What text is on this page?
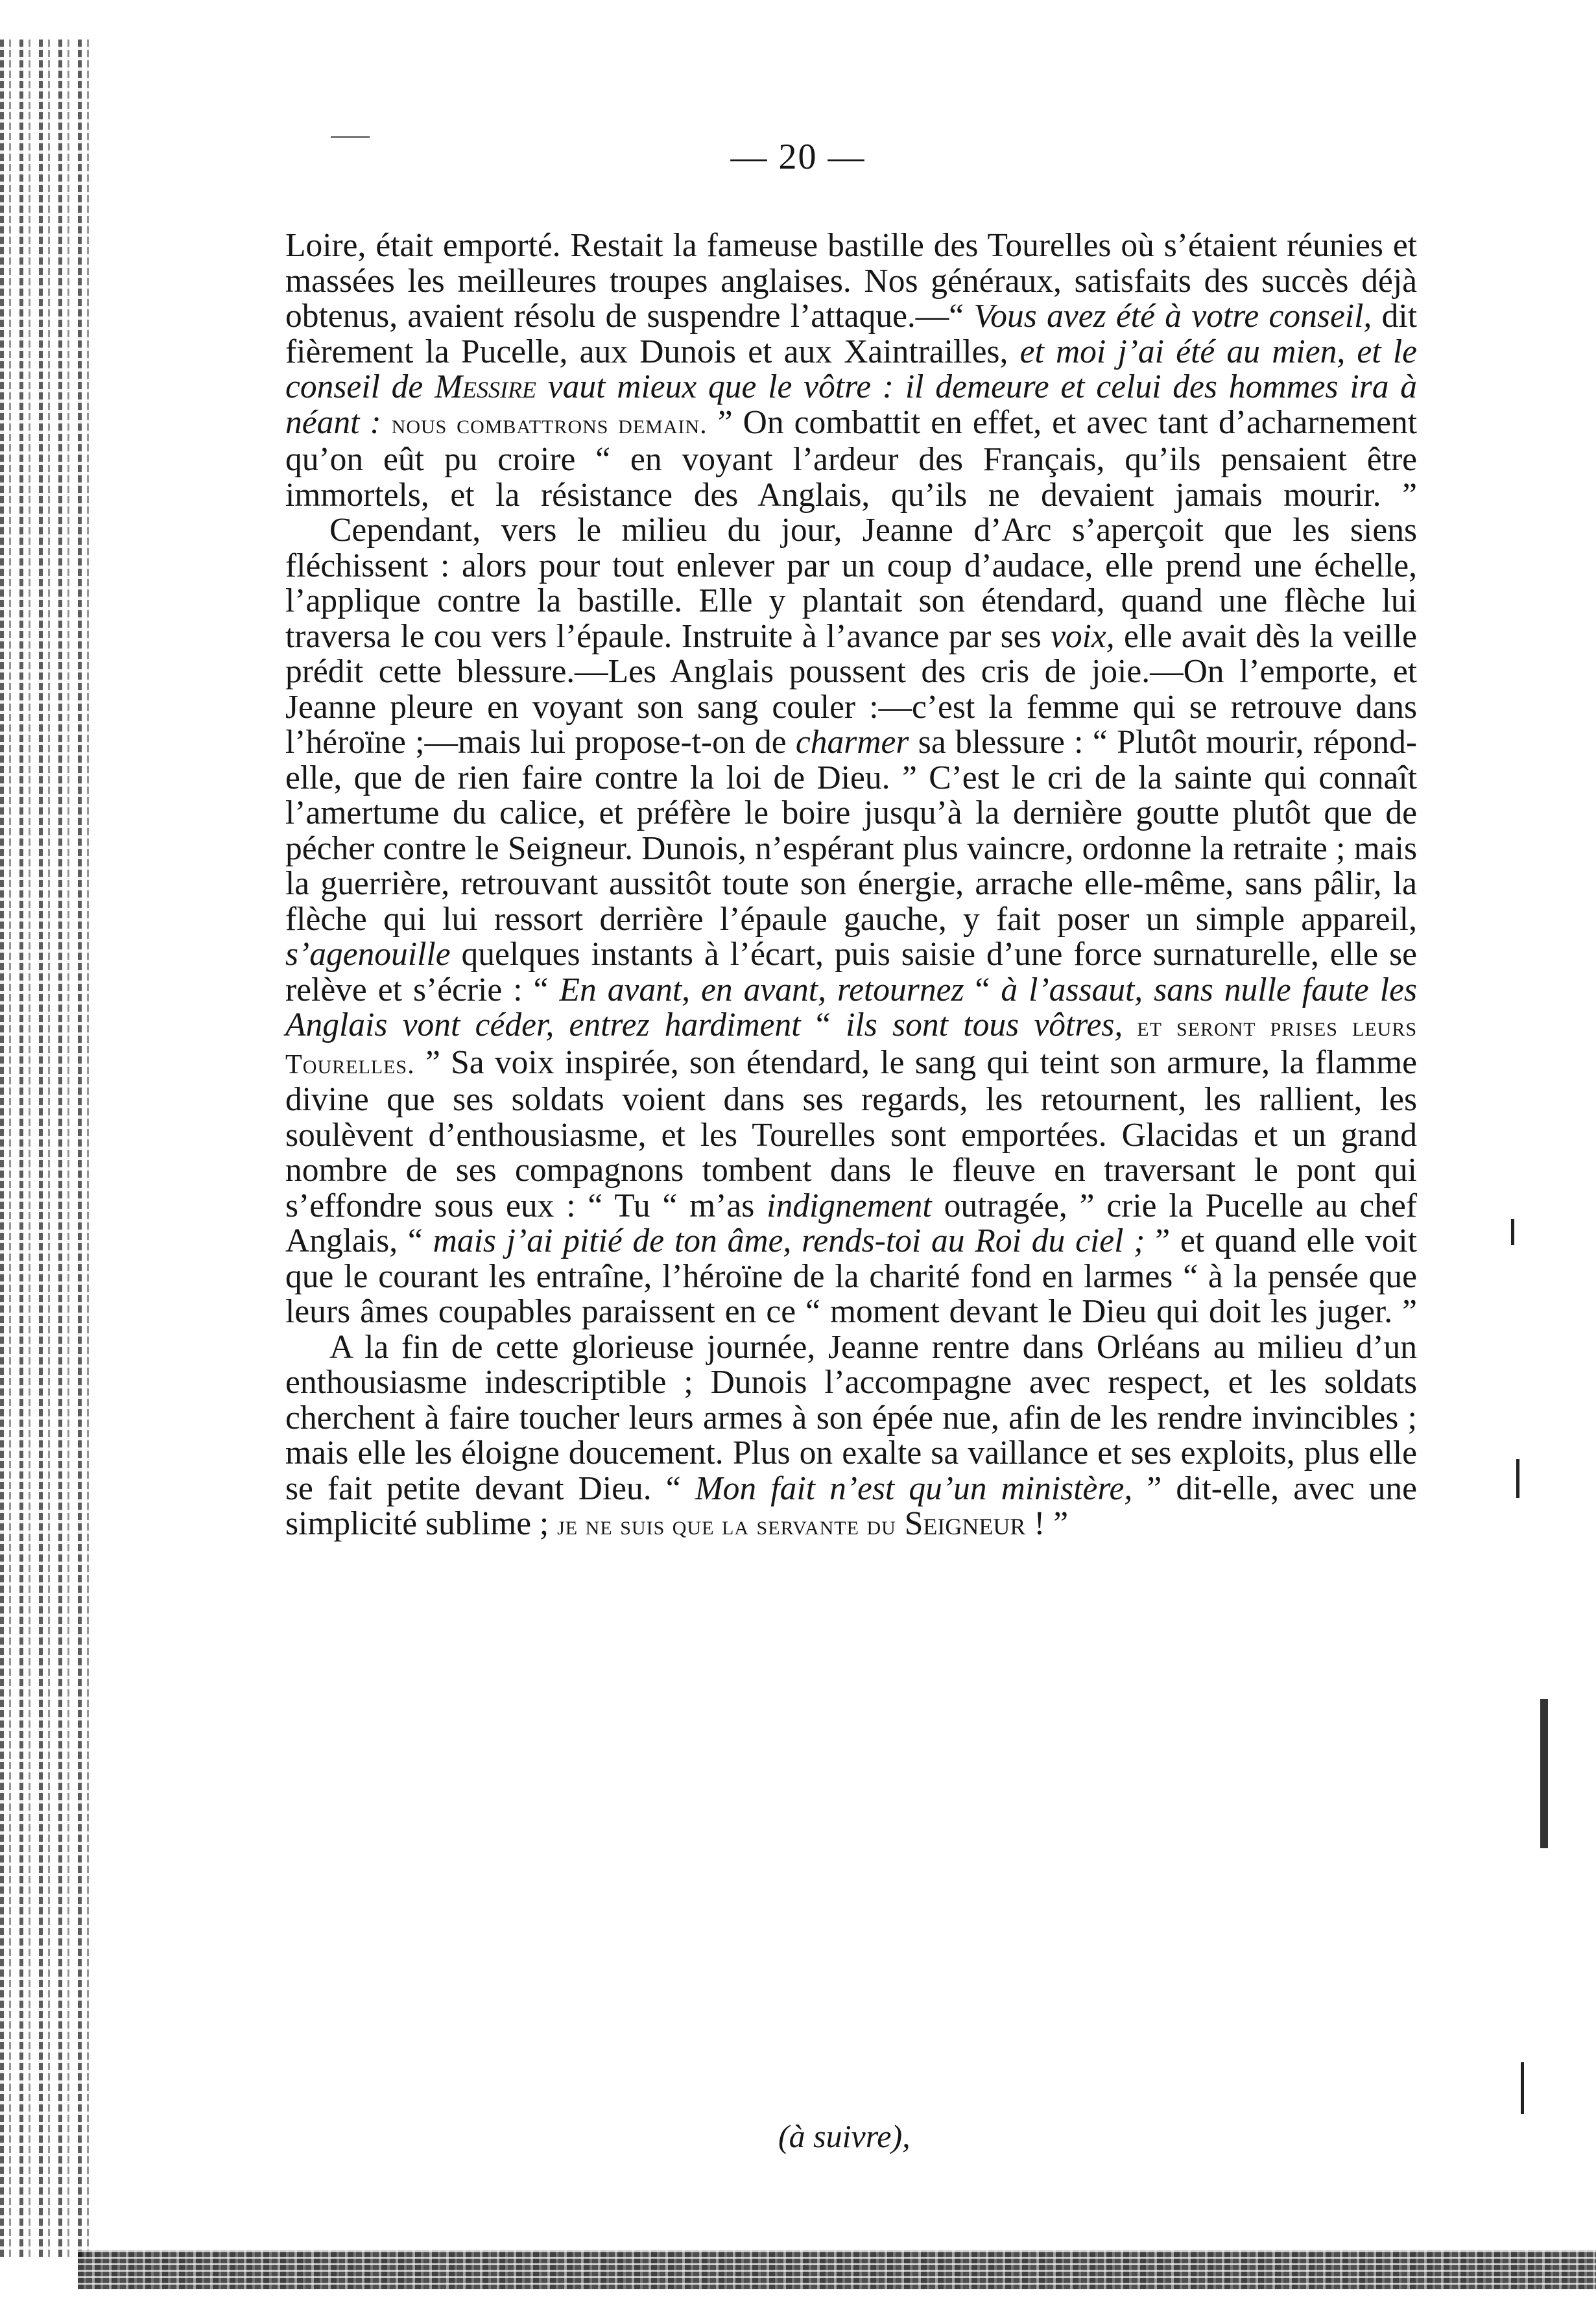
— 20 —

Loire, était emporté. Restait la fameuse bastille des Tourelles où s’étaient réunies et massées les meilleures troupes anglaises. Nos généraux, satisfaits des succès déjà obtenus, avaient résolu de suspendre l’attaque.—“ Vous avez été à votre conseil, dit fièrement la Pucelle, aux Dunois et aux Xaintrailles, et moi j’ai été au mien, et le conseil de Messire vaut mieux que le vôtre : il demeure et celui des hommes ira à néant : nous combattrons demain. ” On combattit en effet, et avec tant d’acharnement qu’on eût pu croire “ en voyant l’ardeur des Français, qu’ils pensaient être immortels, et la résistance des Anglais, qu’ils ne devaient jamais mourir. ”

Cependant, vers le milieu du jour, Jeanne d’Arc s’aperçoit que les siens fléchissent : alors pour tout enlever par un coup d’audace, elle prend une échelle, l’applique contre la bastille. Elle y plantait son étendard, quand une flèche lui traversa le cou vers l’épaule. Instruite à l’avance par ses voix, elle avait dès la veille prédit cette blessure.—Les Anglais poussent des cris de joie.—On l’emporte, et Jeanne pleure en voyant son sang couler :—c’est la femme qui se retrouve dans l’héroïne ;—mais lui propose-t-on de charmer sa blessure : “ Plutôt mourir, répond-elle, que de rien faire contre la loi de Dieu. ” C’est le cri de la sainte qui connaît l’amertume du calice, et préfère le boire jusqu’à la dernière goutte plutôt que de pécher contre le Seigneur. Dunois, n’espérant plus vaincre, ordonne la retraite ; mais la guerrière, retrouvant aussitôt toute son énergie, arrache elle-même, sans pâlir, la flèche qui lui ressort derrière l’épaule gauche, y fait poser un simple appareil, s’agenouille quelques instants à l’écart, puis saisie d’une force surnaturelle, elle se relève et s’écrie : “ En avant, en avant, retournez “ à l’assaut, sans nulle faute les Anglais vont céder, entrez hardiment “ ils sont tous vôtres, et seront prises leurs Tourelles. ” Sa voix inspirée, son étendard, le sang qui teint son armure, la flamme divine que ses soldats voient dans ses regards, les retournent, les rallient, les soulèvent d’enthousiasme, et les Tourelles sont emportées. Glacidas et un grand nombre de ses compagnons tombent dans le fleuve en traversant le pont qui s’effondre sous eux : “ Tu “ m’as indignement outragée, ” crie la Pucelle au chef Anglais, “ mais j’ai pitié de ton âme, rends-toi au Roi du ciel ; ” et quand elle voit que le courant les entraîne, l’héroïne de la charité fond en larmes “ à la pensée que leurs âmes coupables paraissent en ce “ moment devant le Dieu qui doit les juger. ”

A la fin de cette glorieuse journée, Jeanne rentre dans Orléans au milieu d’un enthousiasme indescriptible ; Dunois l’accompagne avec respect, et les soldats cherchent à faire toucher leurs armes à son épée nue, afin de les rendre invincibles ; mais elle les éloigne doucement. Plus on exalte sa vaillance et ses exploits, plus elle se fait petite devant Dieu. “ Mon fait n’est qu’un ministère, ” dit-elle, avec une simplicité sublime ; je ne suis que la servante du Seigneur ! ”

(à suivre),
